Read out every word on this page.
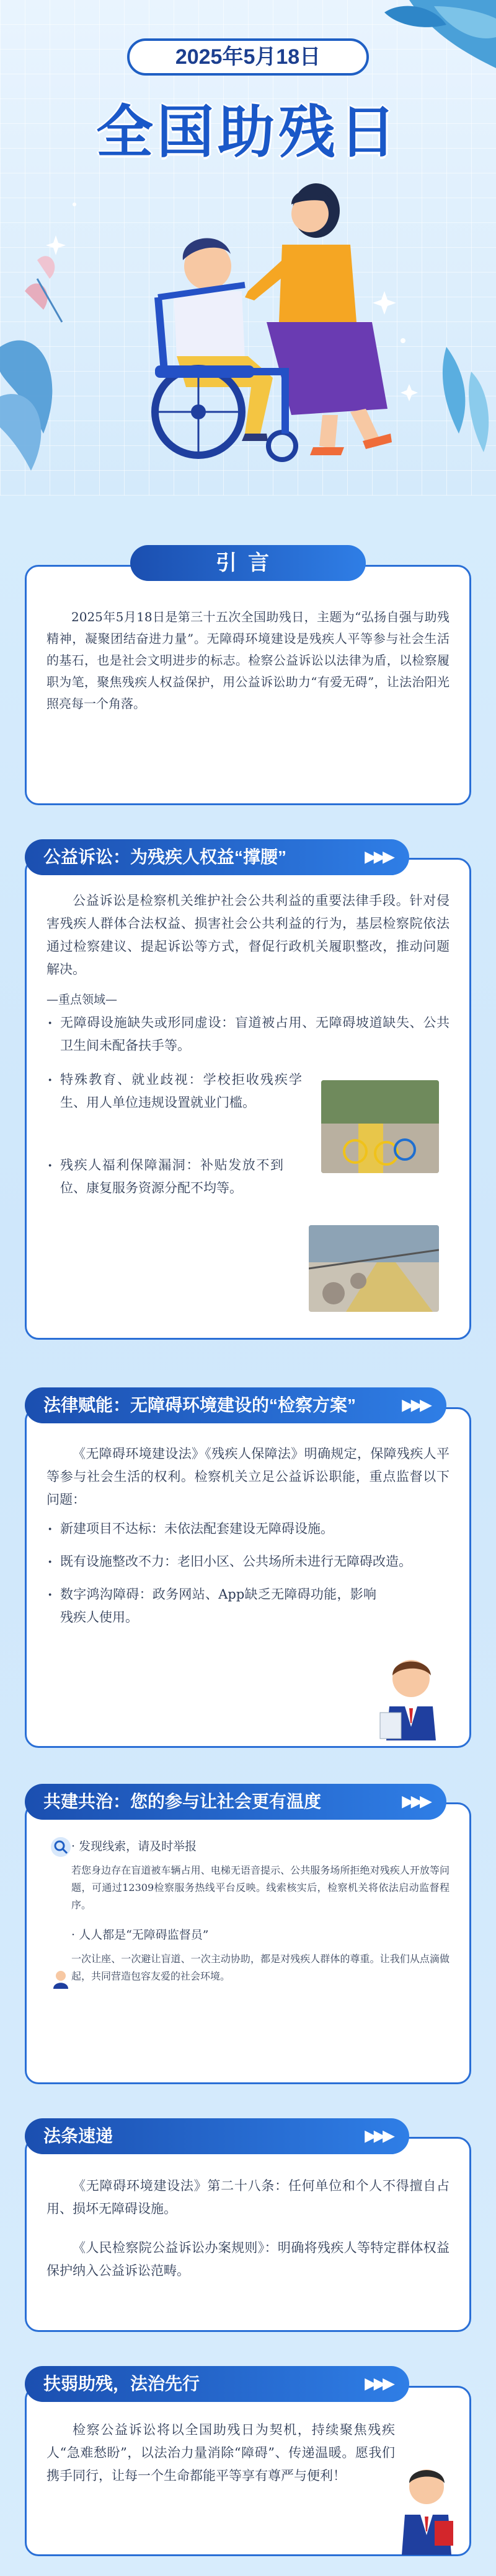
2025年5月18日
全国助残日
2025年5月18日是第三十五次全国助残日，主题为“弘扬自强与助残精神，凝聚团结奋进力量”。无障碍环境建设是残疾人平等参与社会生活的基石，也是社会文明进步的标志。检察公益诉讼以法律为盾，以检察履职为笔，聚焦残疾人权益保护，用公益诉讼助力“有爱无碍”，让法治阳光照亮每一个角落。
引言
公益诉讼是检察机关维护社会公共利益的重要法律手段。针对侵害残疾人群体合法权益、损害社会公共利益的行为，基层检察院依法通过检察建议、提起诉讼等方式，督促行政机关履职整改，推动问题解决。
—重点领域—
· 无障碍设施缺失或形同虚设：盲道被占用、无障碍坡道缺失、公共卫生间未配备扶手等。
· 特殊教育、就业歧视：学校拒收残疾学生、用人单位违规设置就业门槛。
· 残疾人福利保障漏洞：补贴发放不到位、康复服务资源分配不均等。
公益诉讼：为残疾人权益“撑腰”	▶▶▶
《无障碍环境建设法》《残疾人保障法》明确规定，保障残疾人平等参与社会生活的权利。检察机关立足公益诉讼职能，重点监督以下问题：
· 新建项目不达标：未依法配套建设无障碍设施。
· 既有设施整改不力：老旧小区、公共场所未进行无障碍改造。
· 数字鸿沟障碍：政务网站、App缺乏无障碍功能，影响残疾人使用。
法律赋能：无障碍环境建设的“检察方案”	▶▶▶
· 发现线索，请及时举报
若您身边存在盲道被车辆占用、电梯无语音提示、公共服务场所拒绝对残疾人开放等问题，可通过12309检察服务热线平台反映。线索核实后，检察机关将依法启动监督程序。
· 人人都是“无障碍监督员”
一次让座、一次避让盲道、一次主动协助，都是对残疾人群体的尊重。让我们从点滴做起，共同营造包容友爱的社会环境。
共建共治：您的参与让社会更有温度	▶▶▶
《无障碍环境建设法》第二十八条：任何单位和个人不得擅自占用、损坏无障碍设施。
《人民检察院公益诉讼办案规则》：明确将残疾人等特定群体权益保护纳入公益诉讼范畴。
法条速递	▶▶▶
检察公益诉讼将以全国助残日为契机，持续聚焦残疾人“急难愁盼”，以法治力量消除“障碍”、传递温暖。愿我们携手同行，让每一个生命都能平等享有尊严与便利！
扶弱助残，法治先行	▶▶▶
